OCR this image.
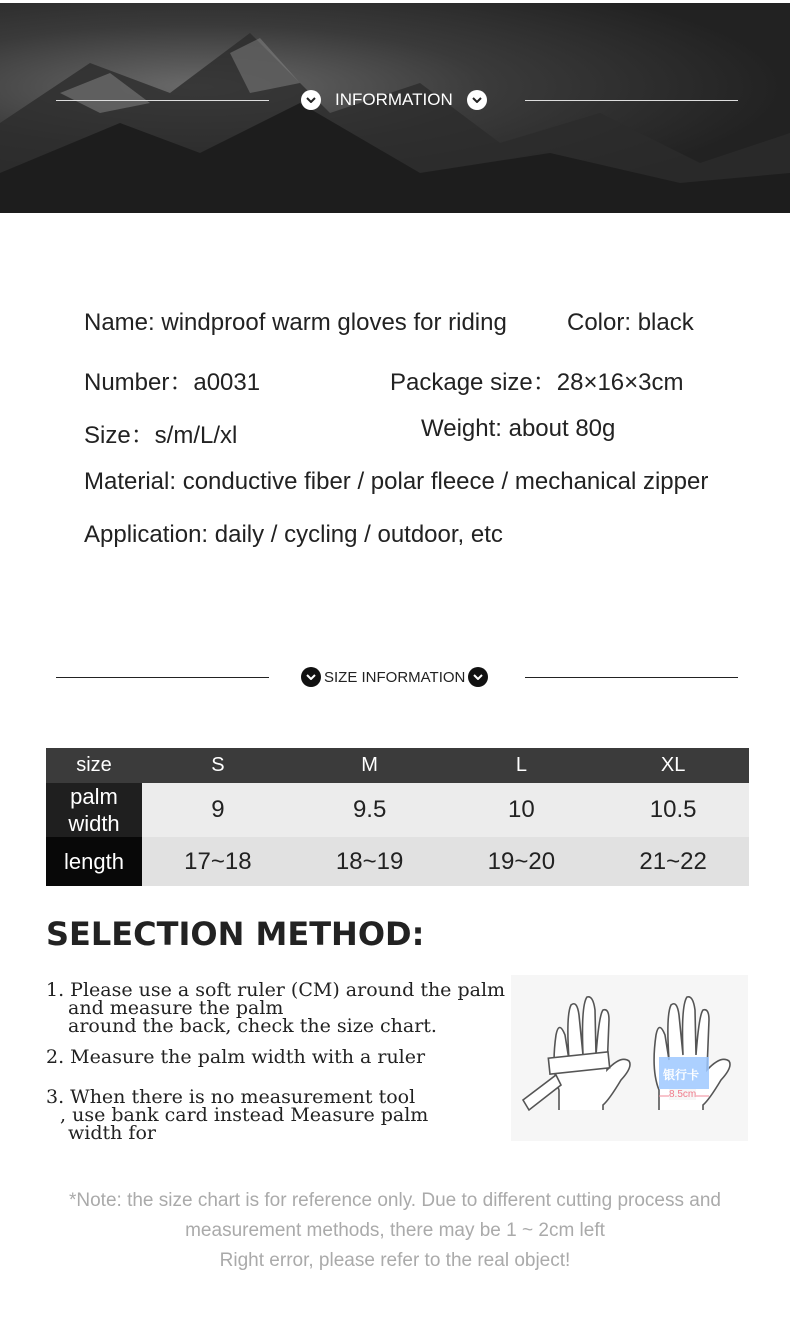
INFORMATION
Name: windproof warm gloves for riding	Color: black
Number：a0031	Package size：28×16×3cm
Size：s/m/L/xl	Weight: about 80g
Material: conductive fiber / polar fleece / mechanical zipper
Application: daily / cycling / outdoor, etc
SIZE INFORMATION
size	S	M	L	XL
palm width	9	9.5	10	10.5
length	17~18	18~19	19~20	21~22
SELECTION METHOD:
1. Please use a soft ruler (CM) around the palm
and measure the palm
around the back, check the size chart.
2. Measure the palm width with a ruler
3. When there is no measurement tool
, use bank card instead Measure palm
width for
银行卡
8.5cm
*Note: the size chart is for reference only. Due to different cutting process and
measurement methods, there may be 1 ~ 2cm left
Right error, please refer to the real object!
